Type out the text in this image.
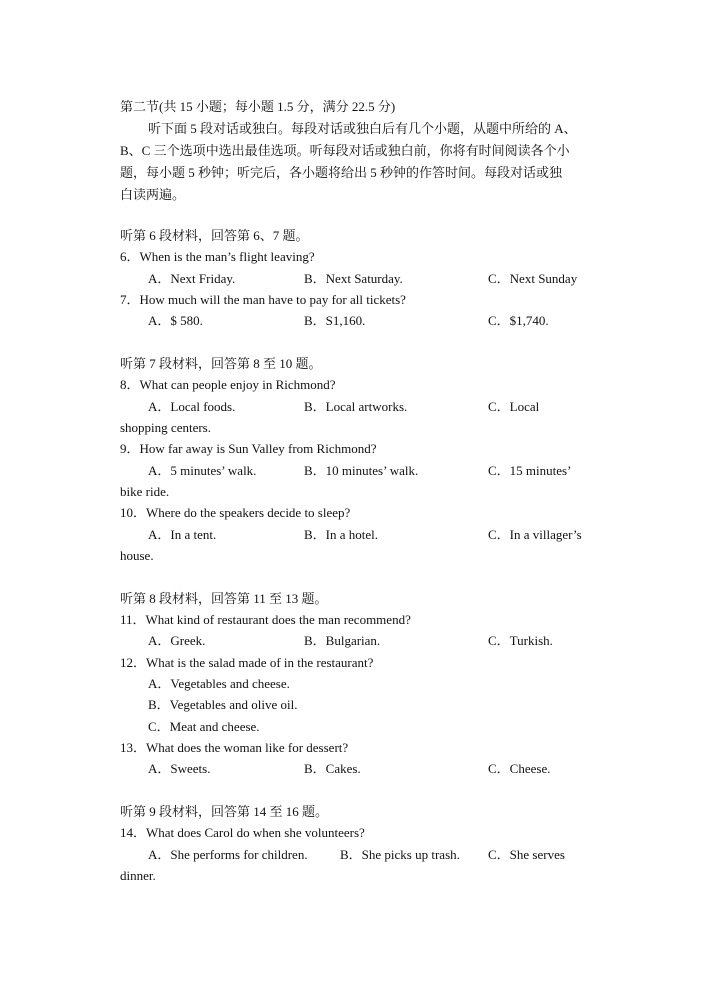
第二节(共 15 小题；每小题 1.5 分，满分 22.5 分)
听下面 5 段对话或独白。每段对话或独白后有几个小题，从题中所给的 A、
B、C 三个选项中选出最佳选项。听每段对话或独白前，你将有时间阅读各个小
题，每小题 5 秒钟；听完后，各小题将给出 5 秒钟的作答时间。每段对话或独
白读两遍。
听第 6 段材料，回答第 6、7 题。
6．When is the man’s flight leaving?
A．Next Friday.	B．Next Saturday.	C．Next Sunday
7．How much will the man have to pay for all tickets?
A．$ 580.	B．S1,160.	C．$1,740.
听第 7 段材料，回答第 8 至 10 题。
8．What can people enjoy in Richmond?
A．Local foods.	B．Local artworks.	C．Local
shopping centers.
9．How far away is Sun Valley from Richmond?
A．5 minutes’ walk.	B．10 minutes’ walk.	C．15 minutes’
bike ride.
10．Where do the speakers decide to sleep?
A．In a tent.	B．In a hotel.	C．In a villager’s
house.
听第 8 段材料，回答第 11 至 13 题。
11．What kind of restaurant does the man recommend?
A．Greek.	B．Bulgarian.	C．Turkish.
12．What is the salad made of in the restaurant?
A．Vegetables and cheese.
B．Vegetables and olive oil.
C．Meat and cheese.
13．What does the woman like for dessert?
A．Sweets.	B．Cakes.	C．Cheese.
听第 9 段材料，回答第 14 至 16 题。
14．What does Carol do when she volunteers?
A．She performs for children. B．She picks up trash. C．She serves
dinner.
